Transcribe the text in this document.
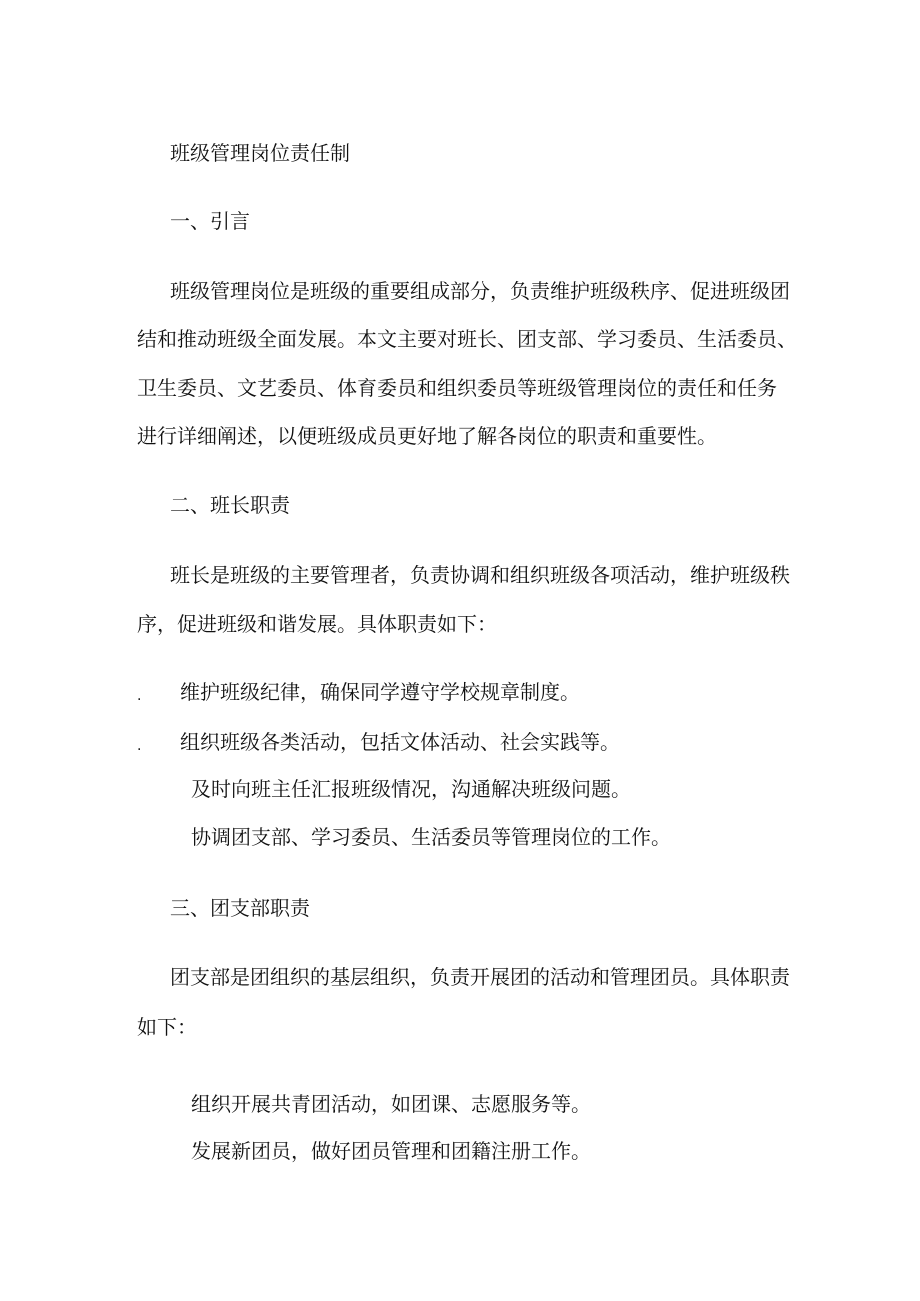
班级管理岗位责任制

一、引言

班级管理岗位是班级的重要组成部分，负责维护班级秩序、促进班级团

结和推动班级全面发展。本文主要对班长、团支部、学习委员、生活委员、

卫生委员、文艺委员、体育委员和组织委员等班级管理岗位的责任和任务

进行详细阐述，以便班级成员更好地了解各岗位的职责和重要性。

二、班长职责

班长是班级的主要管理者，负责协调和组织班级各项活动，维护班级秩

序，促进班级和谐发展。具体职责如下：

. 维护班级纪律，确保同学遵守学校规章制度。

. 组织班级各类活动，包括文体活动、社会实践等。

及时向班主任汇报班级情况，沟通解决班级问题。

协调团支部、学习委员、生活委员等管理岗位的工作。

三、团支部职责

团支部是团组织的基层组织，负责开展团的活动和管理团员。具体职责

如下：

组织开展共青团活动，如团课、志愿服务等。

发展新团员，做好团员管理和团籍注册工作。
